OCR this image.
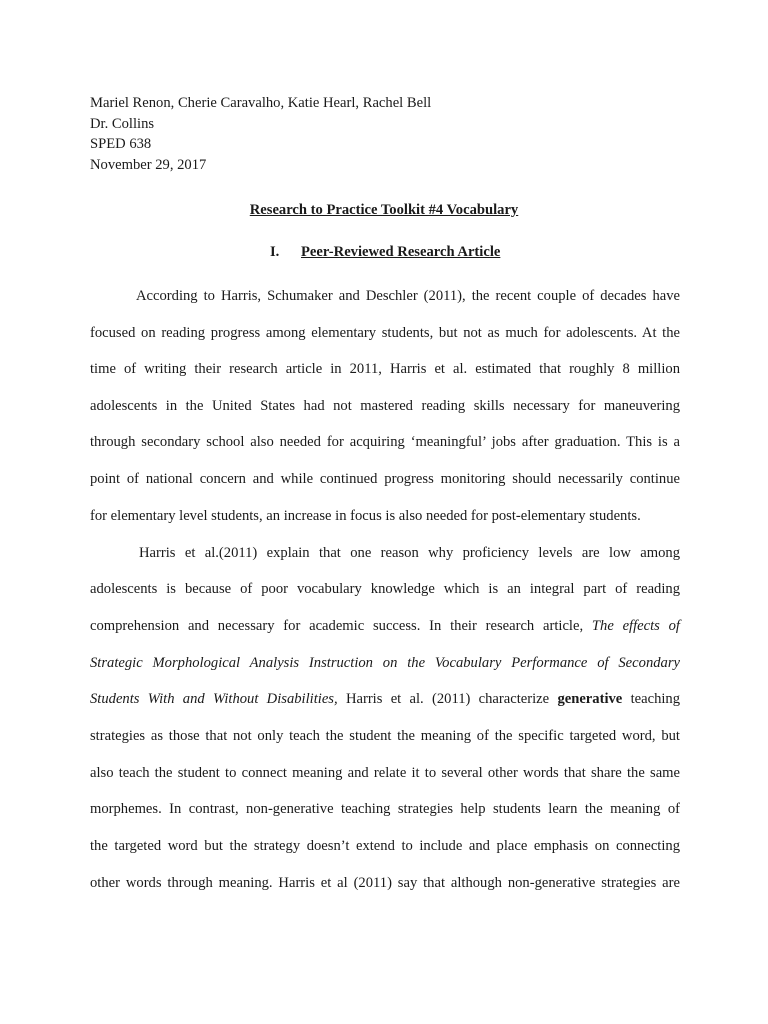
Mariel Renon, Cherie Caravalho, Katie Hearl, Rachel Bell
Dr. Collins
SPED 638
November 29, 2017
Research to Practice Toolkit #4 Vocabulary
I. Peer-Reviewed Research Article
According to Harris, Schumaker and Deschler (2011), the recent couple of decades have
focused on reading progress among elementary students, but not as much for adolescents. At the
time of writing their research article in 2011, Harris et al. estimated that roughly 8 million
adolescents in the United States had not mastered reading skills necessary for maneuvering
through secondary school also needed for acquiring ‘meaningful’ jobs after graduation. This is a
point of national concern and while continued progress monitoring should necessarily continue
for elementary level students, an increase in focus is also needed for post-elementary students.
Harris et al.(2011) explain that one reason why proficiency levels are low among
adolescents is because of poor vocabulary knowledge which is an integral part of reading
comprehension and necessary for academic success. In their research article, The effects of
Strategic Morphological Analysis Instruction on the Vocabulary Performance of Secondary
Students With and Without Disabilities, Harris et al. (2011) characterize generative teaching
strategies as those that not only teach the student the meaning of the specific targeted word, but
also teach the student to connect meaning and relate it to several other words that share the same
morphemes. In contrast, non-generative teaching strategies help students learn the meaning of
the targeted word but the strategy doesn’t extend to include and place emphasis on connecting
other words through meaning. Harris et al (2011) say that although non-generative strategies are
